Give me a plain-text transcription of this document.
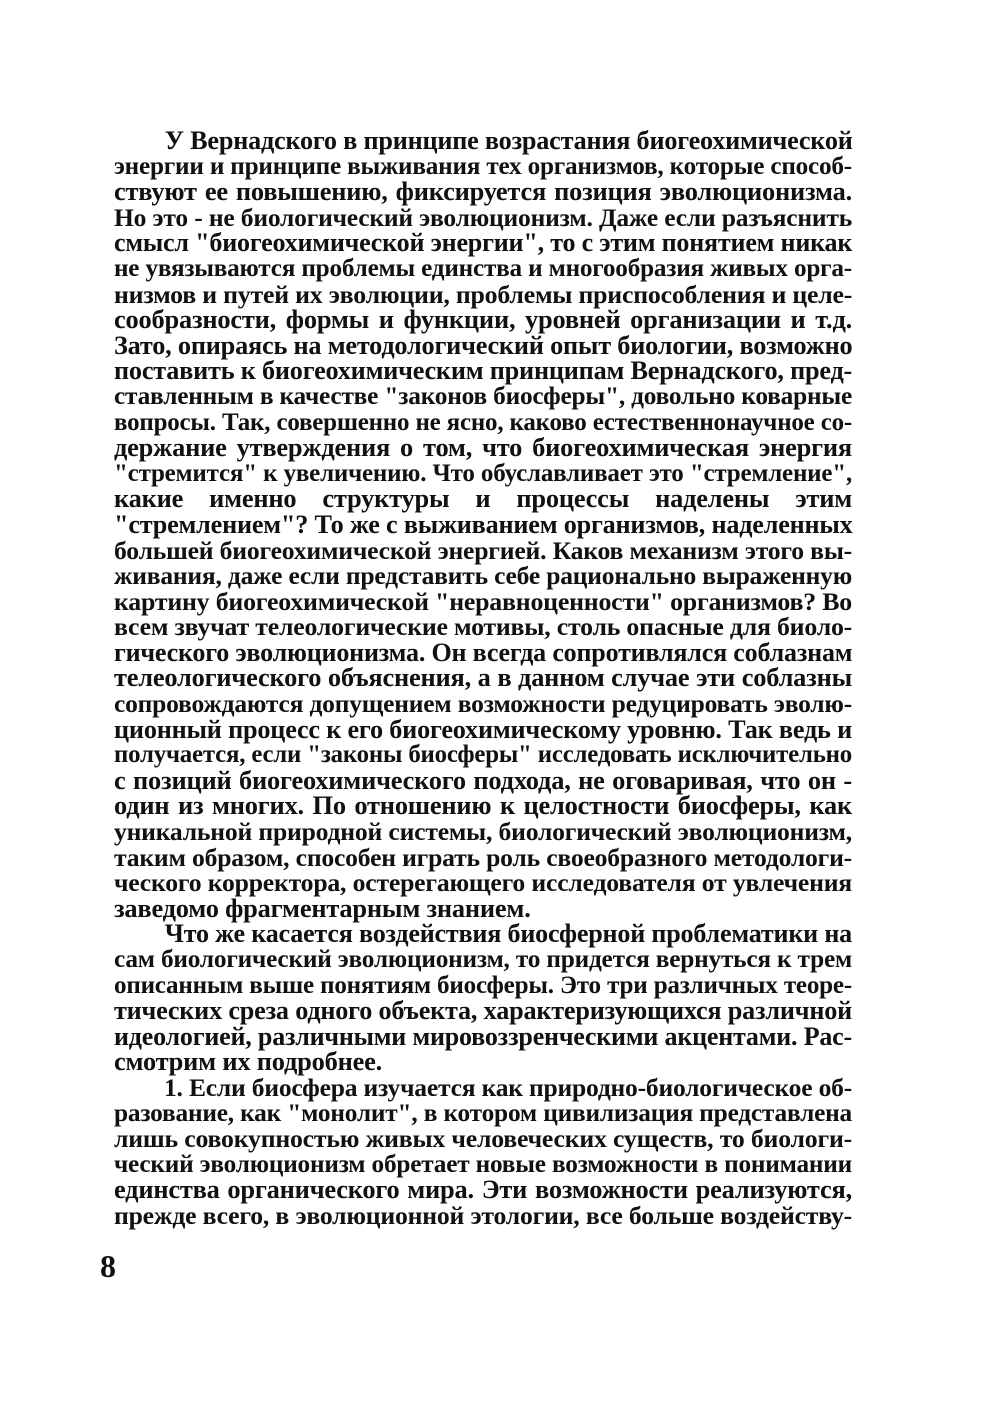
У Вернадского в принципе возрастания биогеохимической
энергии и принципе выживания тех организмов, которые способ-
ствуют ее повышению, фиксируется позиция эволюционизма.
Но это - не биологический эволюционизм. Даже если разъяснить
смысл "биогеохимической энергии", то с этим понятием никак
не увязываются проблемы единства и многообразия живых орга-
низмов и путей их эволюции, проблемы приспособления и целе-
сообразности, формы и функции, уровней организации и т.д.
Зато, опираясь на методологический опыт биологии, возможно
поставить к биогеохимическим принципам Вернадского, пред-
ставленным в качестве "законов биосферы", довольно коварные
вопросы. Так, совершенно не ясно, каково естественнонаучное со-
держание утверждения о том, что биогеохимическая энергия
"стремится" к увеличению. Что обуславливает это "стремление",
какие именно структуры и процессы наделены этим
"стремлением"? То же с выживанием организмов, наделенных
большей биогеохимической энергией. Каков механизм этого вы-
живания, даже если представить себе рационально выраженную
картину биогеохимической "неравноценности" организмов? Во
всем звучат телеологические мотивы, столь опасные для биоло-
гического эволюционизма. Он всегда сопротивлялся соблазнам
телеологического объяснения, а в данном случае эти соблазны
сопровождаются допущением возможности редуцировать эволю-
ционный процесс к его биогеохимическому уровню. Так ведь и
получается, если "законы биосферы" исследовать исключительно
с позиций биогеохимического подхода, не оговаривая, что он -
один из многих. По отношению к целостности биосферы, как
уникальной природной системы, биологический эволюционизм,
таким образом, способен играть роль своеобразного методологи-
ческого корректора, остерегающего исследователя от увлечения
заведомо фрагментарным знанием.
Что же касается воздействия биосферной проблематики на
сам биологический эволюционизм, то придется вернуться к трем
описанным выше понятиям биосферы. Это три различных теоре-
тических среза одного объекта, характеризующихся различной
идеологией, различными мировоззренческими акцентами. Рас-
смотрим их подробнее.
1. Если биосфера изучается как природно-биологическое об-
разование, как "монолит", в котором цивилизация представлена
лишь совокупностью живых человеческих существ, то биологи-
ческий эволюционизм обретает новые возможности в понимании
единства органического мира. Эти возможности реализуются,
прежде всего, в эволюционной этологии, все больше воздейству-
8
